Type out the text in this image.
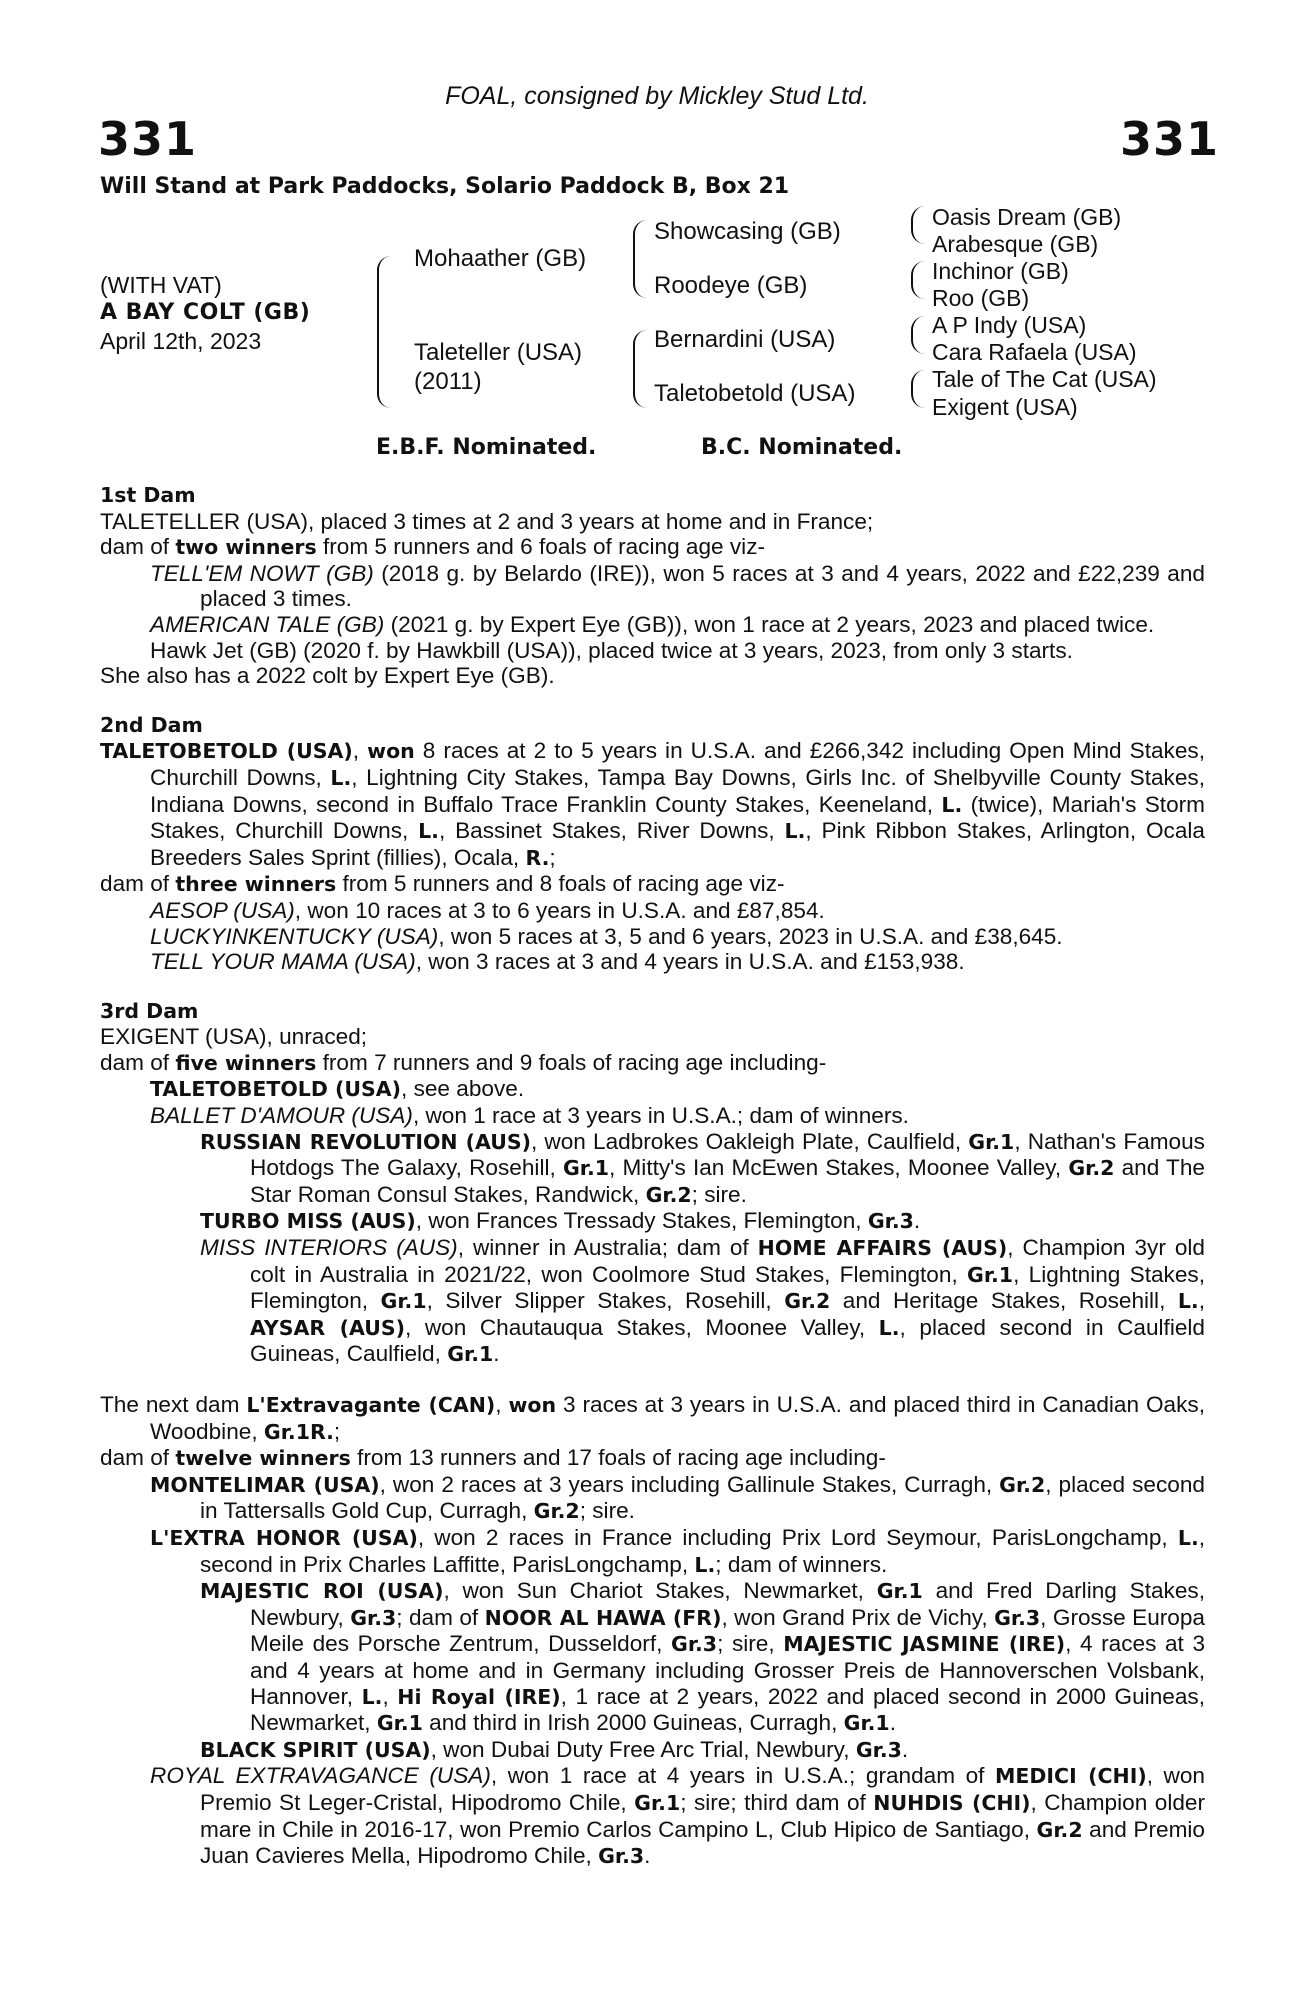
FOAL, consigned by Mickley Stud Ltd.
331	331
Will Stand at Park Paddocks, Solario Paddock B, Box 21
(WITH VAT)
A BAY COLT (GB)
April 12th, 2023
Mohaather (GB)
Taleteller (USA)
(2011)
Showcasing (GB)
Roodeye (GB)
Bernardini (USA)
Taletobetold (USA)
Oasis Dream (GB)
Arabesque (GB)
Inchinor (GB)
Roo (GB)
A P Indy (USA)
Cara Rafaela (USA)
Tale of The Cat (USA)
Exigent (USA)
E.B.F. Nominated.	B.C. Nominated.
1st Dam
TALETELLER (USA), placed 3 times at 2 and 3 years at home and in France;
dam of two winners from 5 runners and 6 foals of racing age viz-
TELL'EM NOWT (GB) (2018 g. by Belardo (IRE)), won 5 races at 3 and 4 years, 2022 and £22,239 and placed 3 times.
AMERICAN TALE (GB) (2021 g. by Expert Eye (GB)), won 1 race at 2 years, 2023 and placed twice.
Hawk Jet (GB) (2020 f. by Hawkbill (USA)), placed twice at 3 years, 2023, from only 3 starts.
She also has a 2022 colt by Expert Eye (GB).
2nd Dam
TALETOBETOLD (USA), won 8 races at 2 to 5 years in U.S.A. and £266,342 including Open Mind Stakes, Churchill Downs, L., Lightning City Stakes, Tampa Bay Downs, Girls Inc. of Shelbyville County Stakes, Indiana Downs, second in Buffalo Trace Franklin County Stakes, Keeneland, L. (twice), Mariah's Storm Stakes, Churchill Downs, L., Bassinet Stakes, River Downs, L., Pink Ribbon Stakes, Arlington, Ocala Breeders Sales Sprint (fillies), Ocala, R.;
dam of three winners from 5 runners and 8 foals of racing age viz-
AESOP (USA), won 10 races at 3 to 6 years in U.S.A. and £87,854.
LUCKYINKENTUCKY (USA), won 5 races at 3, 5 and 6 years, 2023 in U.S.A. and £38,645.
TELL YOUR MAMA (USA), won 3 races at 3 and 4 years in U.S.A. and £153,938.
3rd Dam
EXIGENT (USA), unraced;
dam of five winners from 7 runners and 9 foals of racing age including-
TALETOBETOLD (USA), see above.
BALLET D'AMOUR (USA), won 1 race at 3 years in U.S.A.; dam of winners.
RUSSIAN REVOLUTION (AUS), won Ladbrokes Oakleigh Plate, Caulfield, Gr.1, Nathan's Famous Hotdogs The Galaxy, Rosehill, Gr.1, Mitty's Ian McEwen Stakes, Moonee Valley, Gr.2 and The Star Roman Consul Stakes, Randwick, Gr.2; sire.
TURBO MISS (AUS), won Frances Tressady Stakes, Flemington, Gr.3.
MISS INTERIORS (AUS), winner in Australia; dam of HOME AFFAIRS (AUS), Champion 3yr old colt in Australia in 2021/22, won Coolmore Stud Stakes, Flemington, Gr.1, Lightning Stakes, Flemington, Gr.1, Silver Slipper Stakes, Rosehill, Gr.2 and Heritage Stakes, Rosehill, L., AYSAR (AUS), won Chautauqua Stakes, Moonee Valley, L., placed second in Caulfield Guineas, Caulfield, Gr.1.
The next dam L'Extravagante (CAN), won 3 races at 3 years in U.S.A. and placed third in Canadian Oaks, Woodbine, Gr.1R.;
dam of twelve winners from 13 runners and 17 foals of racing age including-
MONTELIMAR (USA), won 2 races at 3 years including Gallinule Stakes, Curragh, Gr.2, placed second in Tattersalls Gold Cup, Curragh, Gr.2; sire.
L'EXTRA HONOR (USA), won 2 races in France including Prix Lord Seymour, ParisLongchamp, L., second in Prix Charles Laffitte, ParisLongchamp, L.; dam of winners.
MAJESTIC ROI (USA), won Sun Chariot Stakes, Newmarket, Gr.1 and Fred Darling Stakes, Newbury, Gr.3; dam of NOOR AL HAWA (FR), won Grand Prix de Vichy, Gr.3, Grosse Europa Meile des Porsche Zentrum, Dusseldorf, Gr.3; sire, MAJESTIC JASMINE (IRE), 4 races at 3 and 4 years at home and in Germany including Grosser Preis de Hannoverschen Volsbank, Hannover, L., Hi Royal (IRE), 1 race at 2 years, 2022 and placed second in 2000 Guineas, Newmarket, Gr.1 and third in Irish 2000 Guineas, Curragh, Gr.1.
BLACK SPIRIT (USA), won Dubai Duty Free Arc Trial, Newbury, Gr.3.
ROYAL EXTRAVAGANCE (USA), won 1 race at 4 years in U.S.A.; grandam of MEDICI (CHI), won Premio St Leger-Cristal, Hipodromo Chile, Gr.1; sire; third dam of NUHDIS (CHI), Champion older mare in Chile in 2016-17, won Premio Carlos Campino L, Club Hipico de Santiago, Gr.2 and Premio Juan Cavieres Mella, Hipodromo Chile, Gr.3.
